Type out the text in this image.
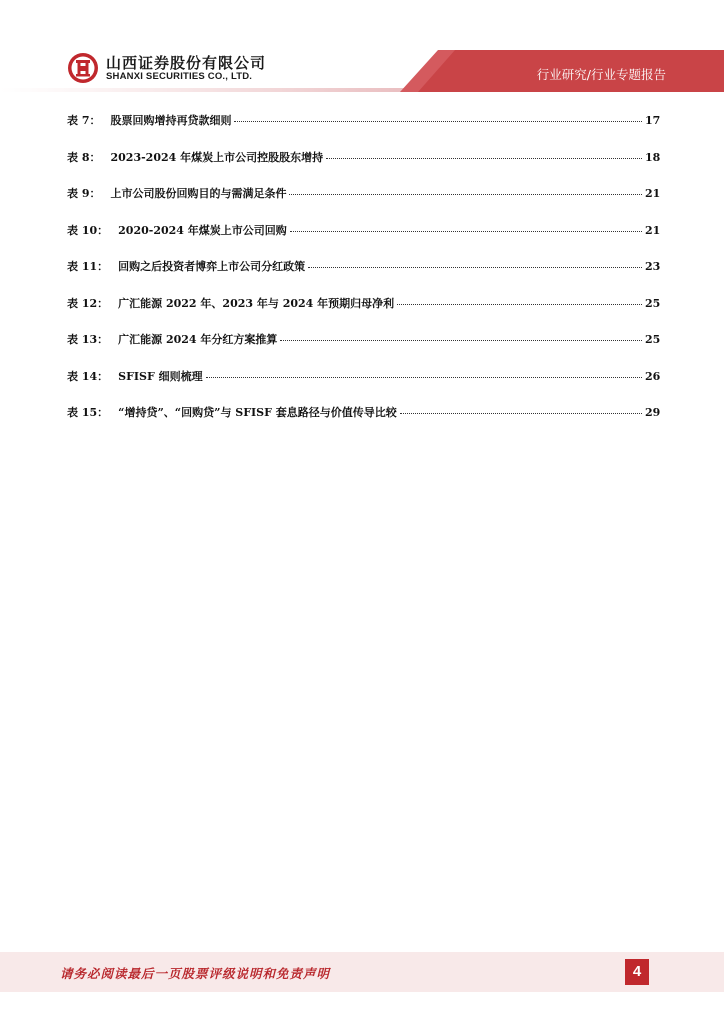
山西证券股份有限公司
SHANXI SECURITIES CO., LTD.	行业研究/行业专题报告
表 7： 股票回购增持再贷款细则	17
表 8： 2023-2024 年煤炭上市公司控股股东增持	18
表 9： 上市公司股份回购目的与需满足条件	21
表 10： 2020-2024 年煤炭上市公司回购	21
表 11： 回购之后投资者博弈上市公司分红政策	23
表 12： 广汇能源 2022 年、2023 年与 2024 年预期归母净利	25
表 13： 广汇能源 2024 年分红方案推算	25
表 14： SFISF 细则梳理	26
表 15： “增持贷”、“回购贷”与 SFISF 套息路径与价值传导比较	29
请务必阅读最后一页股票评级说明和免责声明	4
